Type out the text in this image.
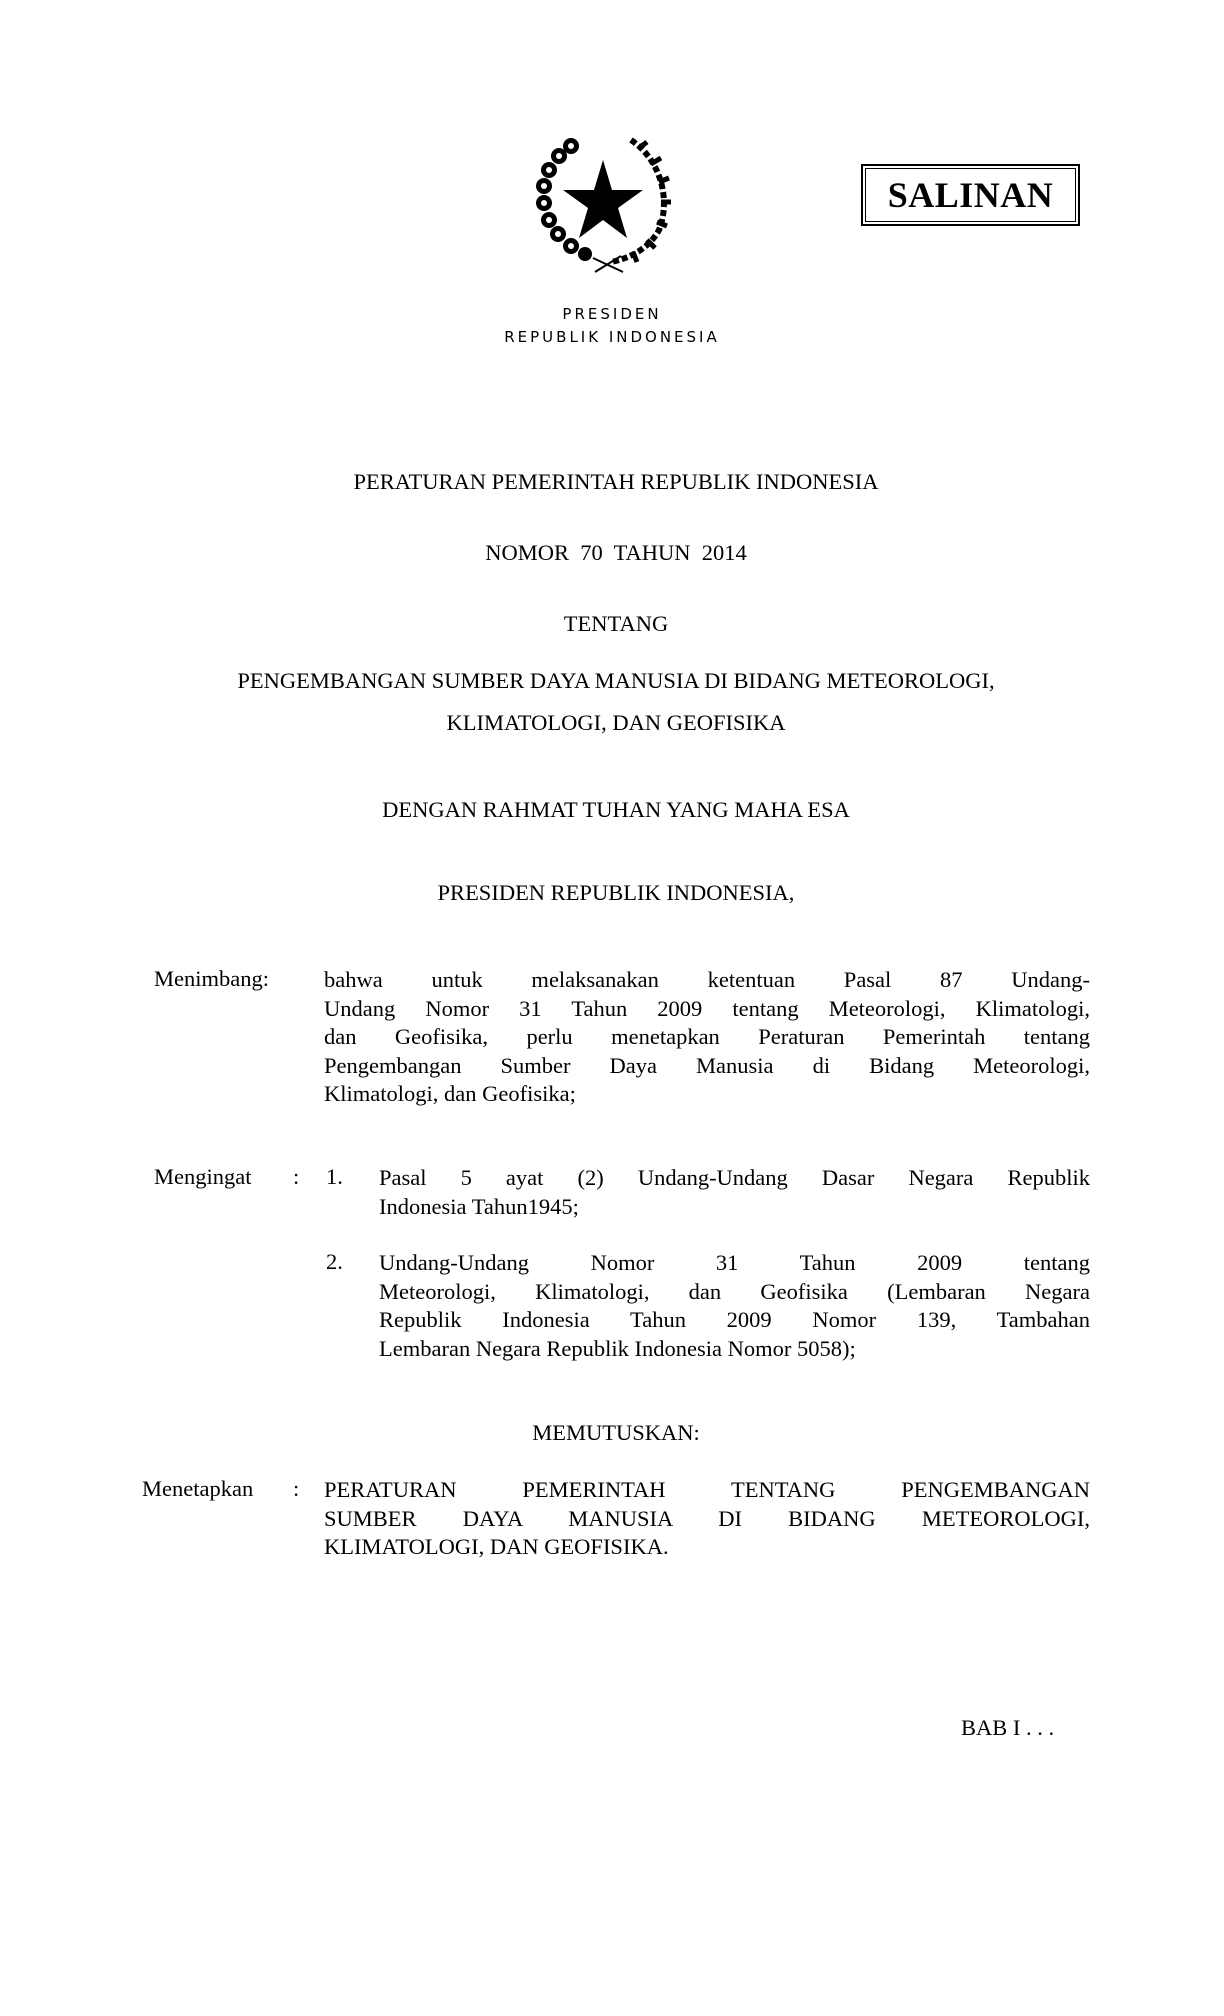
SALINAN
PRESIDEN
REPUBLIK INDONESIA
PERATURAN PEMERINTAH REPUBLIK INDONESIA
NOMOR  70  TAHUN  2014
TENTANG
PENGEMBANGAN SUMBER DAYA MANUSIA DI BIDANG METEOROLOGI,
KLIMATOLOGI, DAN GEOFISIKA
DENGAN RAHMAT TUHAN YANG MAHA ESA
PRESIDEN REPUBLIK INDONESIA,
Menimbang: bahwa untuk melaksanakan ketentuan Pasal 87 Undang-
Undang Nomor 31 Tahun 2009 tentang Meteorologi, Klimatologi,
dan Geofisika, perlu menetapkan Peraturan Pemerintah tentang
Pengembangan Sumber Daya Manusia di Bidang Meteorologi,
Klimatologi, dan Geofisika;
Mengingat : 1. Pasal 5 ayat (2) Undang-Undang Dasar Negara Republik
Indonesia Tahun1945;
2. Undang-Undang Nomor 31 Tahun 2009 tentang
Meteorologi, Klimatologi, dan Geofisika (Lembaran Negara
Republik Indonesia Tahun 2009 Nomor 139, Tambahan
Lembaran Negara Republik Indonesia Nomor 5058);
MEMUTUSKAN:
Menetapkan : PERATURAN PEMERINTAH TENTANG PENGEMBANGAN
SUMBER DAYA MANUSIA DI BIDANG METEOROLOGI,
KLIMATOLOGI, DAN GEOFISIKA.
BAB I . . .
